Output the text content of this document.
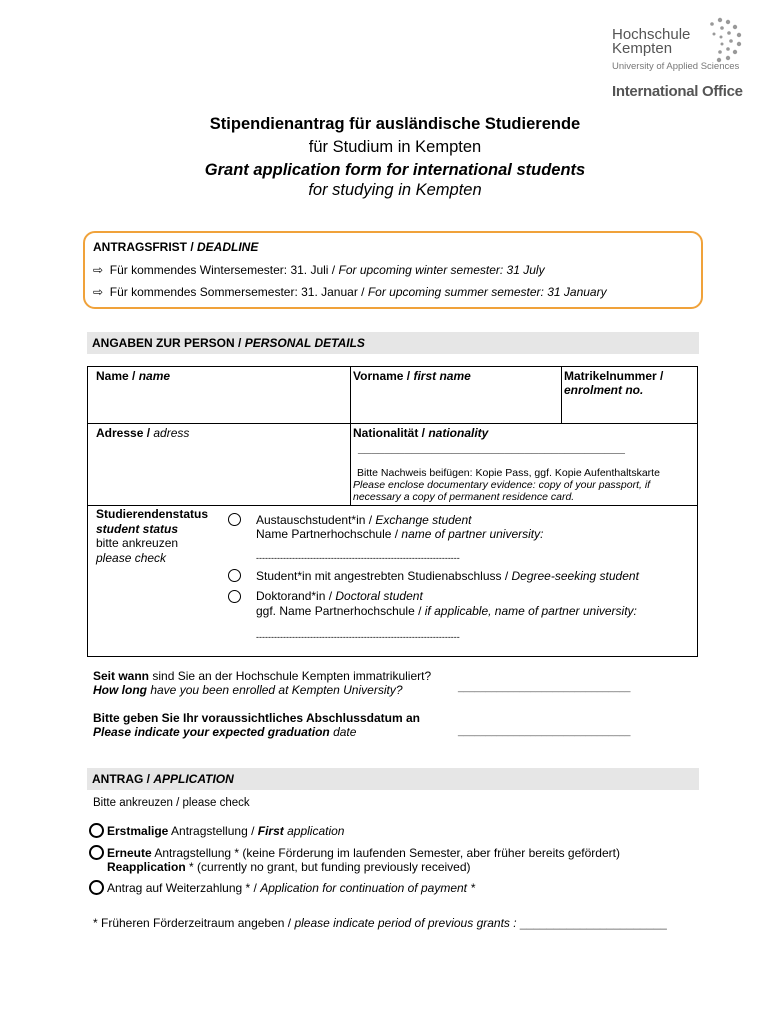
Hochschule
Kempten
University of Applied Sciences
International Office
Stipendienantrag für ausländische Studierende
für Studium in Kempten
Grant application form for international students
for studying in Kempten
ANTRAGSFRIST / DEADLINE
⇨ Für kommendes Wintersemester: 31. Juli / For upcoming winter semester: 31 July
⇨ Für kommendes Sommersemester: 31. Januar / For upcoming summer semester: 31 January
ANGABEN ZUR PERSON / PERSONAL DETAILS
Name / name	Vorname / first name	Matrikelnummer /
enrolment no.
Adresse / adress	Nationalität / nationality
________________________________________
Bitte Nachweis beifügen: Kopie Pass, ggf. Kopie Aufenthaltskarte
Please enclose documentary evidence: copy of your passport, if
necessary a copy of permanent residence card.
Studierendenstatus
student status
bitte ankreuzen
please check
Austauschstudent*in / Exchange student
Name Partnerhochschule / name of partner university:
--------------------------------------------------------------------
Student*in mit angestrebten Studienabschluss / Degree-seeking student
Doktorand*in / Doctoral student
ggf. Name Partnerhochschule / if applicable, name of partner university:
--------------------------------------------------------------------
Seit wann sind Sie an der Hochschule Kempten immatrikuliert?
How long have you been enrolled at Kempten University?	_______________________________
Bitte geben Sie Ihr voraussichtliches Abschlussdatum an
Please indicate your expected graduation date	_______________________________
ANTRAG / APPLICATION
Bitte ankreuzen / please check
Erstmalige Antragstellung / First application
Erneute Antragstellung * (keine Förderung im laufenden Semester, aber früher bereits gefördert)
Reapplication * (currently no grant, but funding previously received)
Antrag auf Weiterzahlung * / Application for continuation of payment *
* Früheren Förderzeitraum angeben / please indicate period of previous grants : ______________________
